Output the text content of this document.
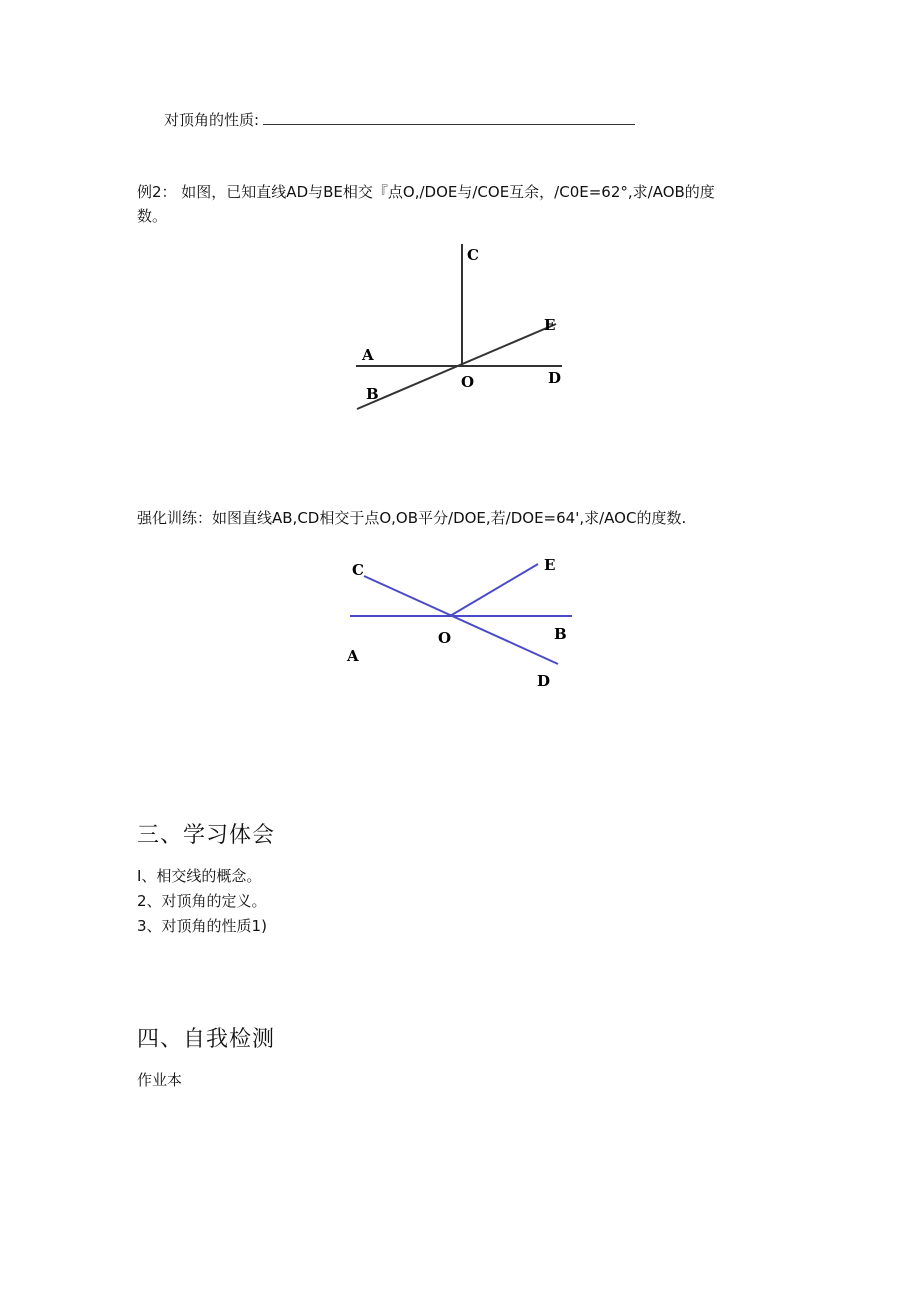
对顶角的性质:
例2： 如图，已知直线AD与BE相交『点O,/DOE与/COE互余，/C0E=62°,求/AOB的度
数。
C
E
A
O	D
B
强化训练：如图直线AB,CD相交于点O,OB平分/DOE,若/DOE=64',求/AOC的度数.
C	E
O	B
A
D
三、学习体会
I、相交线的概念。
2、对顶角的定义。
3、对顶角的性质1)
四、自我检测
作业本
